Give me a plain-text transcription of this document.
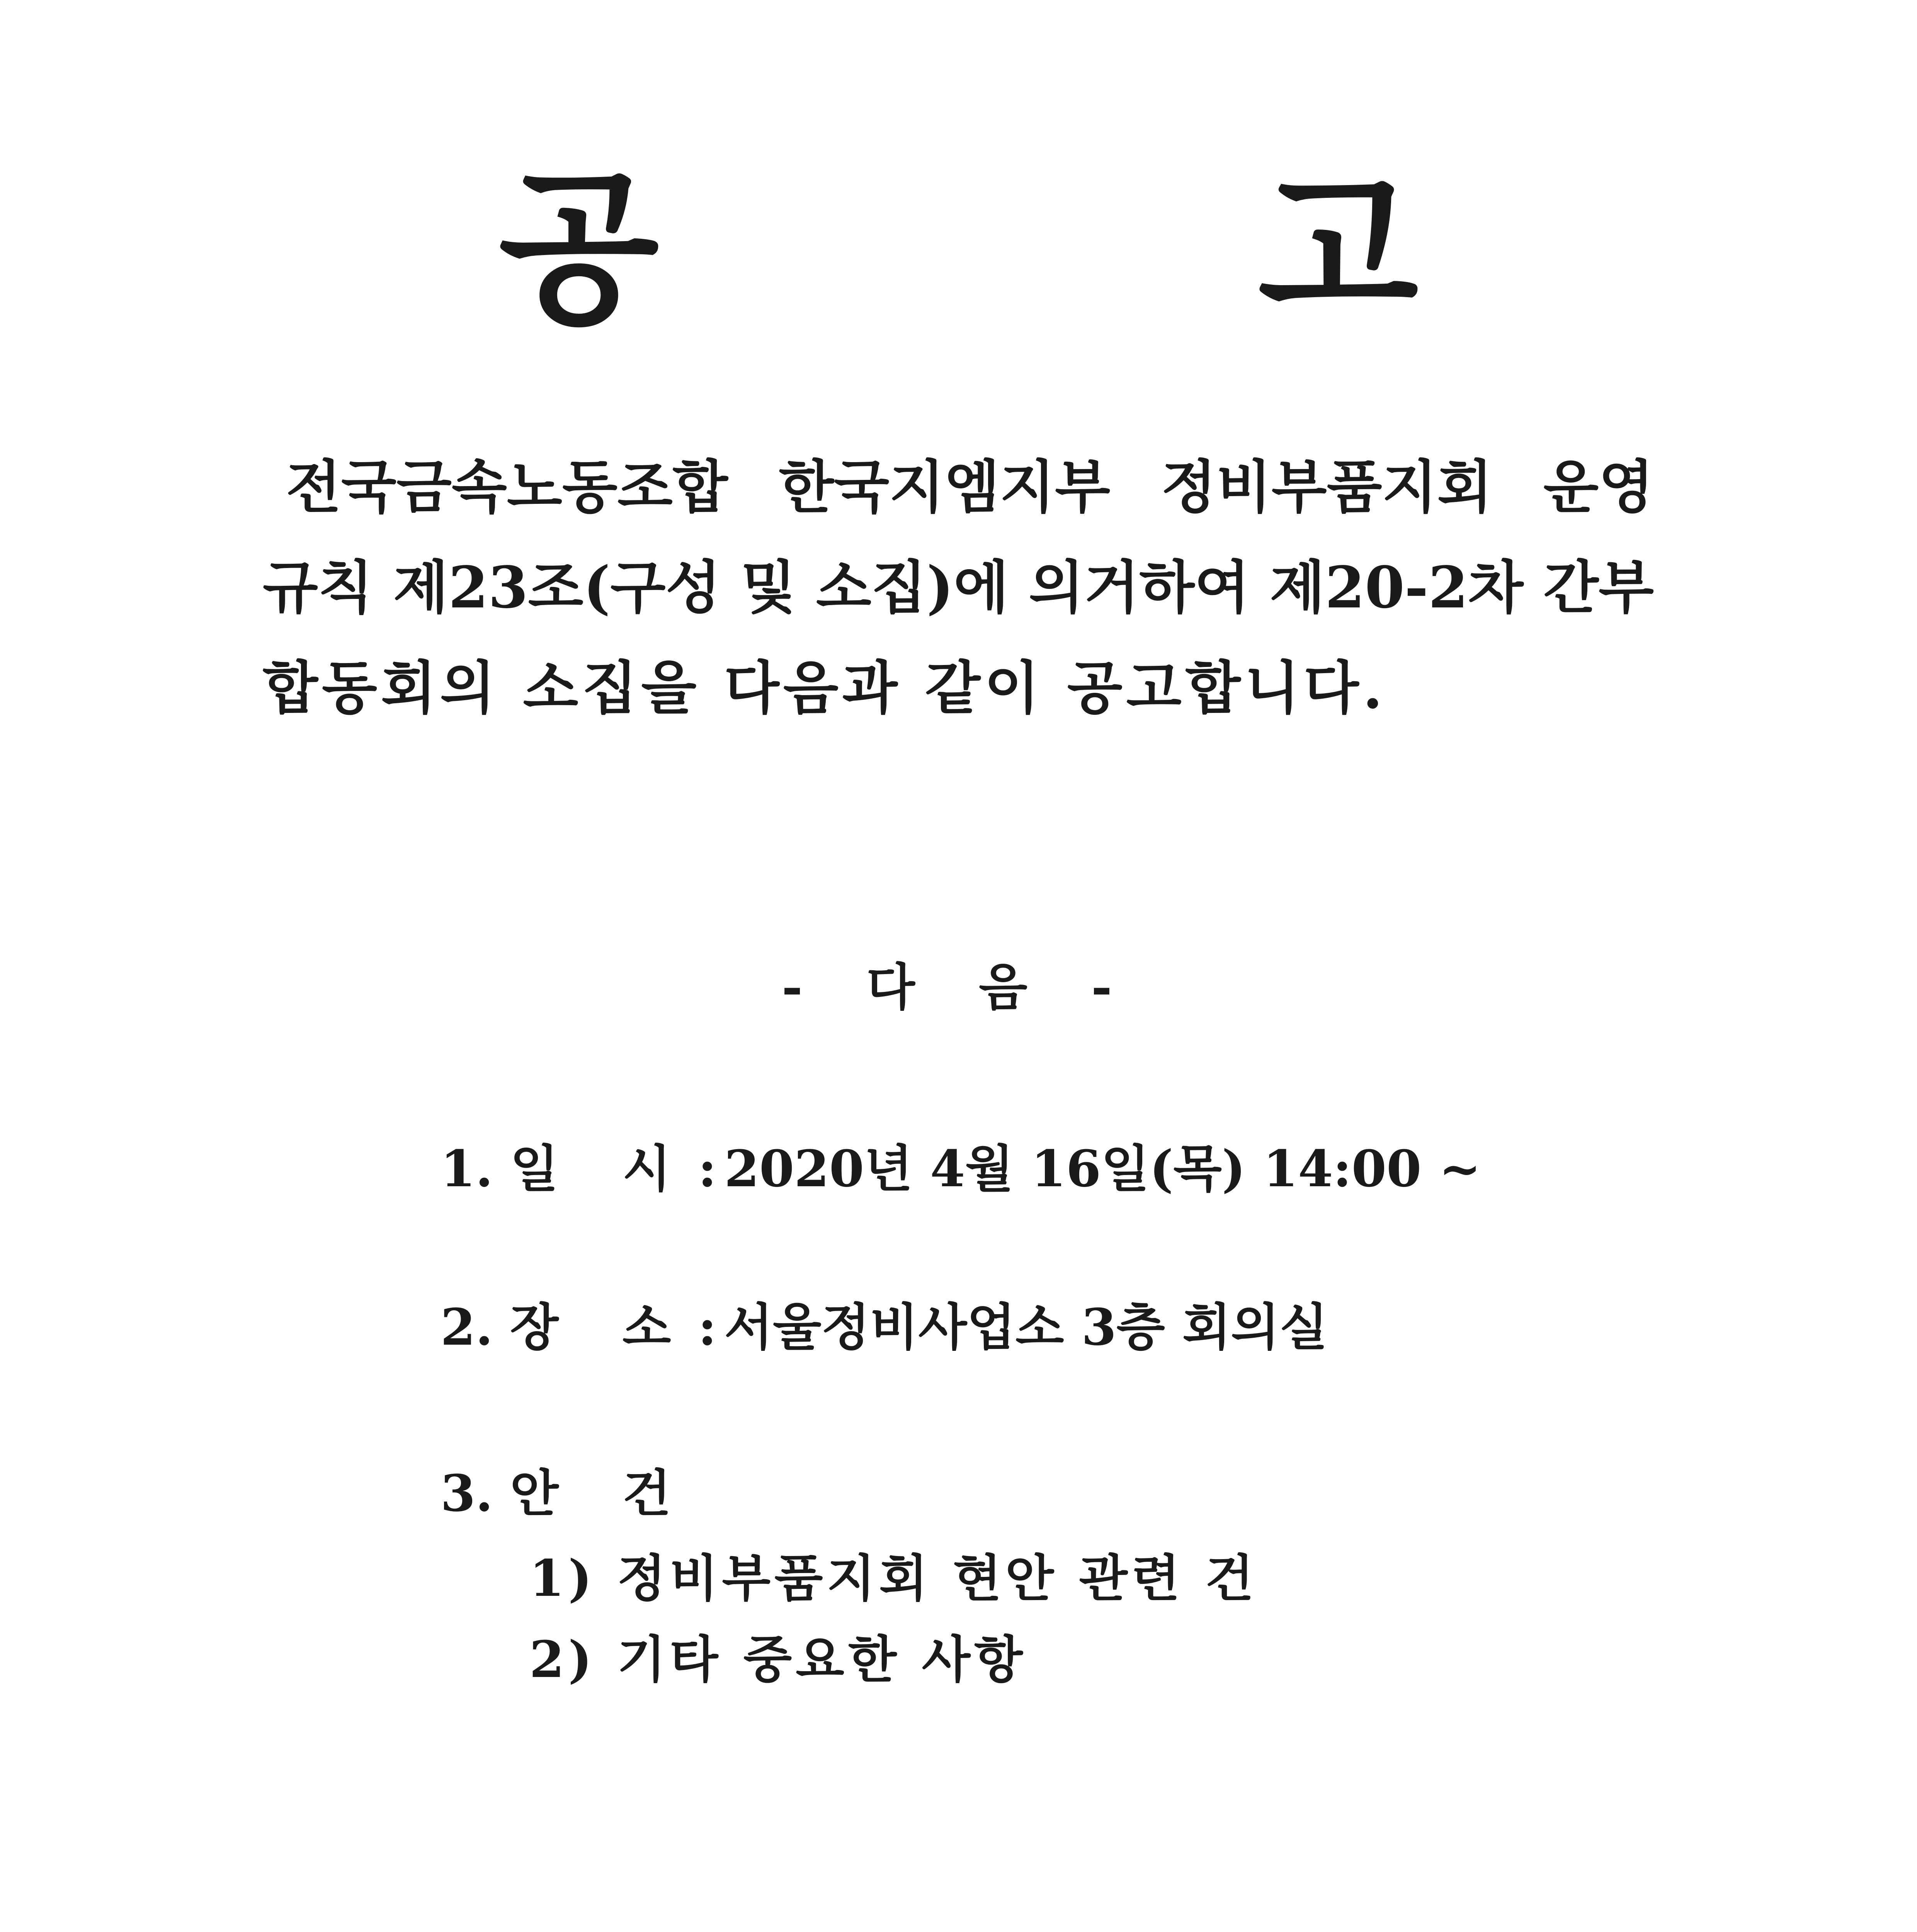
공 고
전국금속노동조합 한국지엠지부 정비부품지회 운영
규칙 제23조(구성 및 소집)에 의거하여 제20-2차 간부
합동회의 소집을 다음과 같이 공고합니다.
- 다 음 -
1. 일 시: 2020년 4월 16일(목) 14:00 ~
2. 장 소: 서울정비사업소 3층 회의실
3. 안 건
1) 정비부품지회 현안 관련 건
2) 기타 중요한 사항
